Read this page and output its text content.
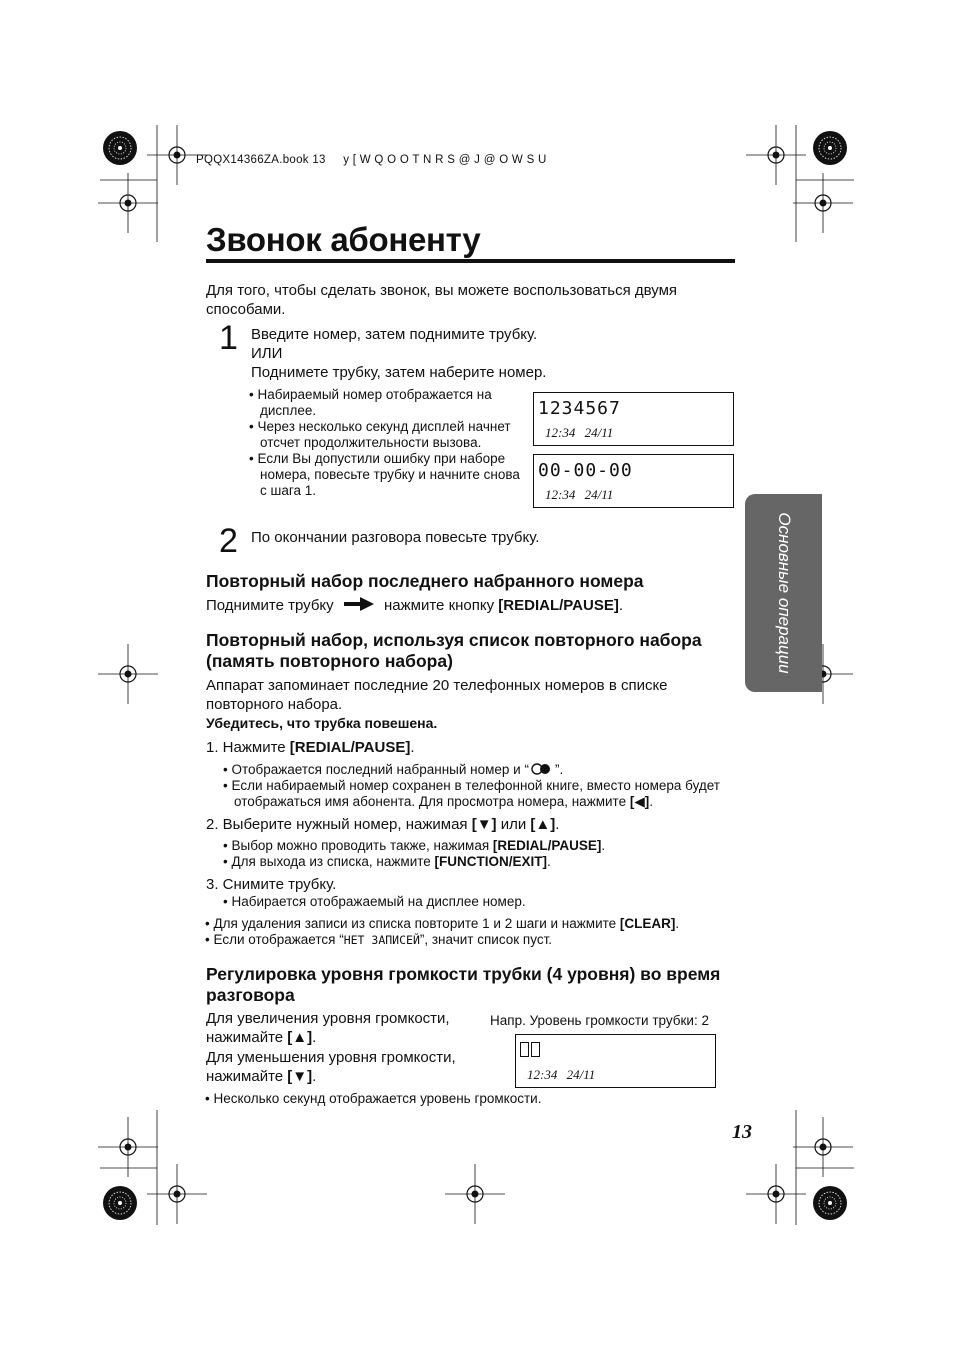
PQQX14366ZA.book 13 y [ W Q O O T N R S @ J @ O W S U
Звонок абоненту
Для того, чтобы сделать звонок, вы можете воспользоваться двумя способами.
1 Введите номер, затем поднимите трубку.
ИЛИ
Поднимете трубку, затем наберите номер.
• Набираемый номер отображается на дисплее.
• Через несколько секунд дисплей начнет отсчет продолжительности вызова.
• Если Вы допустили ошибку при наборе номера, повесьте трубку и начните снова с шага 1.
1234567
12:34 24/11
00-00-00
12:34 24/11
2 По окончании разговора повесьте трубку.
Повторный набор последнего набранного номера
Поднимите трубку	нажмите кнопку [REDIAL/PAUSE].
Повторный набор, используя список повторного набора (память повторного набора)
Аппарат запоминает последние 20 телефонных номеров в списке повторного набора.
Убедитесь, что трубка повешена.
1. Нажмите [REDIAL/PAUSE].
• Отображается последний набранный номер и “ ”.
• Если набираемый номер сохранен в телефонной книге, вместо номера будет отображаться имя абонента. Для просмотра номера, нажмите [◀].
2. Выберите нужный номер, нажимая [▼] или [▲].
• Выбор можно проводить также, нажимая [REDIAL/PAUSE].
• Для выхода из списка, нажмите [FUNCTION/EXIT].
3. Снимите трубку.
• Набирается отображаемый на дисплее номер.
• Для удаления записи из списка повторите 1 и 2 шаги и нажмите [CLEAR].
• Если отображается “НЕТ ЗАПИСЕЙ”, значит список пуст.
Регулировка уровня громкости трубки (4 уровня) во время разговора
Для увеличения уровня громкости, нажимайте [▲].
Для уменьшения уровня громкости, нажимайте [▼].
Напр. Уровень громкости трубки: 2
12:34 24/11
• Несколько секунд отображается уровень громкости.
Основные операции
13
